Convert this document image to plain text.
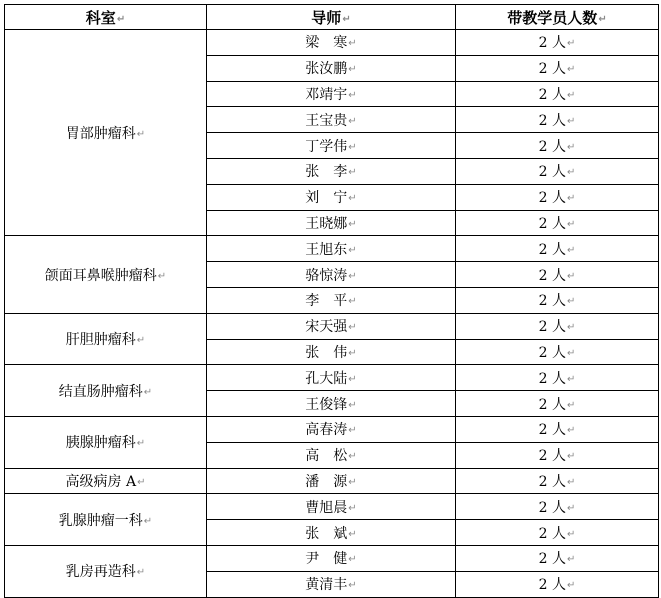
科室↵	导师↵	带教学员人数↵
胃部肿瘤科↵	梁　寒↵	2 人↵
	张汝鹏↵	2 人↵
	邓靖宇↵	2 人↵
	王宝贵↵	2 人↵
	丁学伟↵	2 人↵
	张　李↵	2 人↵
	刘　宁↵	2 人↵
	王晓娜↵	2 人↵
颌面耳鼻喉肿瘤科↵	王旭东↵	2 人↵
	骆惊涛↵	2 人↵
	李　平↵	2 人↵
肝胆肿瘤科↵	宋天强↵	2 人↵
	张　伟↵	2 人↵
结直肠肿瘤科↵	孔大陆↵	2 人↵
	王俊锋↵	2 人↵
胰腺肿瘤科↵	高春涛↵	2 人↵
	高　松↵	2 人↵
高级病房 A↵	潘　源↵	2 人↵
乳腺肿瘤一科↵	曹旭晨↵	2 人↵
	张　斌↵	2 人↵
乳房再造科↵	尹　健↵	2 人↵
	黄清丰↵	2 人↵
